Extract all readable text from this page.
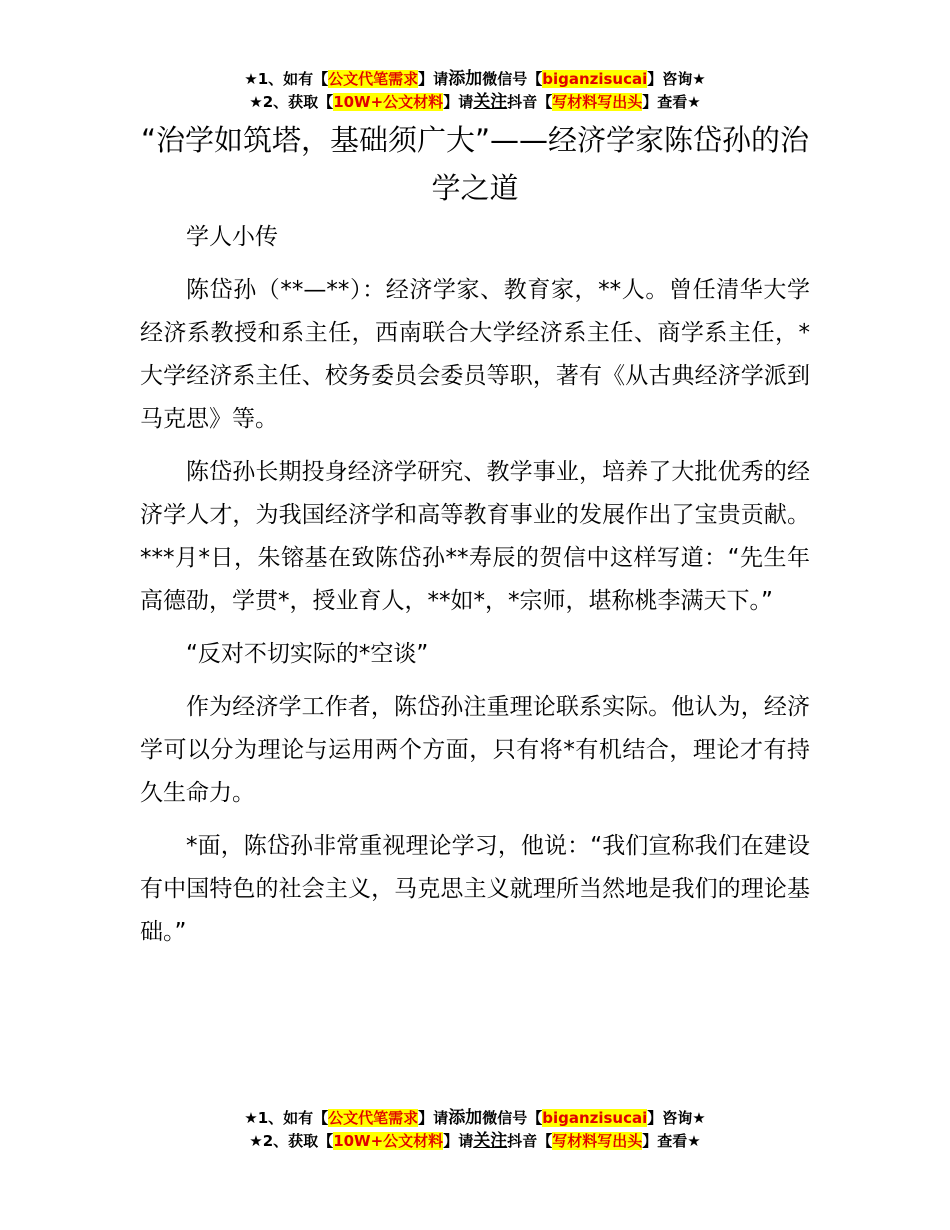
★1、如有【公文代笔需求】请添加微信号【biganzisucai】咨询★
★2、获取【10W+公文材料】请关注抖音【写材料写出头】查看★
“治学如筑塔，基础须广大”——经济学家陈岱孙的治学之道

学人小传

陈岱孙（**—**）：经济学家、教育家，**人。曾任清华大学经济系教授和系主任，西南联合大学经济系主任、商学系主任，*大学经济系主任、校务委员会委员等职，著有《从古典经济学派到马克思》等。

陈岱孙长期投身经济学研究、教学事业，培养了大批优秀的经济学人才，为我国经济学和高等教育事业的发展作出了宝贵贡献。***月*日，朱镕基在致陈岱孙**寿辰的贺信中这样写道：“先生年高德劭，学贯*，授业育人，**如*，*宗师，堪称桃李满天下。”

“反对不切实际的*空谈”

作为经济学工作者，陈岱孙注重理论联系实际。他认为，经济学可以分为理论与运用两个方面，只有将*有机结合，理论才有持久生命力。

*面，陈岱孙非常重视理论学习，他说：“我们宣称我们在建设有中国特色的社会主义，马克思主义就理所当然地是我们的理论基础。”

★1、如有【公文代笔需求】请添加微信号【biganzisucai】咨询★
★2、获取【10W+公文材料】请关注抖音【写材料写出头】查看★
